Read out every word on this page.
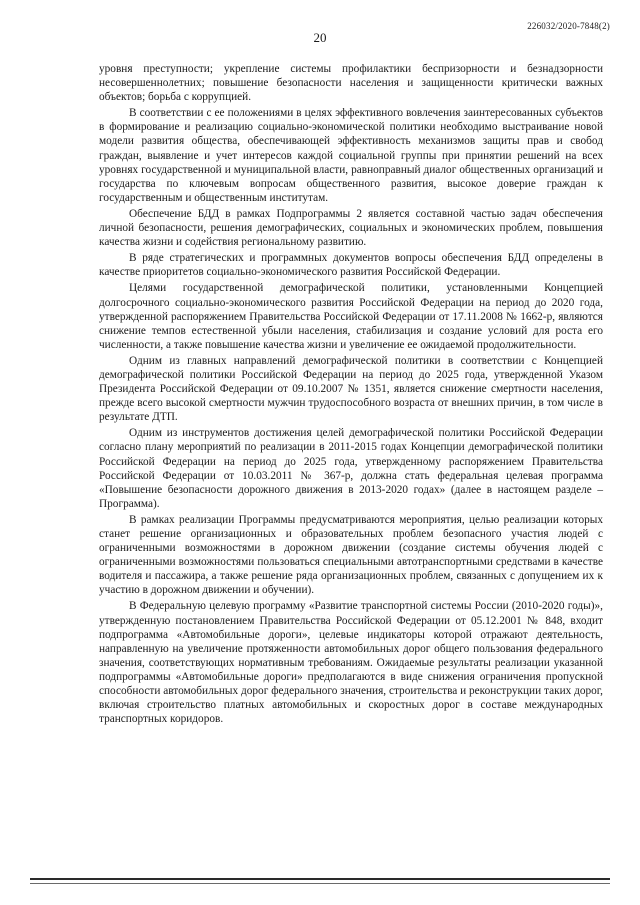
20
226032/2020-7848(2)

уровня преступности; укрепление системы профилактики беспризорности и безнадзорности несовершеннолетних; повышение безопасности населения и защищенности критически важных объектов; борьба с коррупцией.

В соответствии с ее положениями в целях эффективного вовлечения заинтересованных субъектов в формирование и реализацию социально-экономической политики необходимо выстраивание новой модели развития общества, обеспечивающей эффективность механизмов защиты прав и свобод граждан, выявление и учет интересов каждой социальной группы при принятии решений на всех уровнях государственной и муниципальной власти, равноправный диалог общественных организаций и государства по ключевым вопросам общественного развития, высокое доверие граждан к государственным и общественным институтам.

Обеспечение БДД в рамках Подпрограммы 2 является составной частью задач обеспечения личной безопасности, решения демографических, социальных и экономических проблем, повышения качества жизни и содействия региональному развитию.

В ряде стратегических и программных документов вопросы обеспечения БДД определены в качестве приоритетов социально-экономического развития Российской Федерации.

Целями государственной демографической политики, установленными Концепцией долгосрочного социально-экономического развития Российской Федерации на период до 2020 года, утвержденной распоряжением Правительства Российской Федерации от 17.11.2008 № 1662-р, являются снижение темпов естественной убыли населения, стабилизация и создание условий для роста его численности, а также повышение качества жизни и увеличение ее ожидаемой продолжительности.

Одним из главных направлений демографической политики в соответствии с Концепцией демографической политики Российской Федерации на период до 2025 года, утвержденной Указом Президента Российской Федерации от 09.10.2007 № 1351, является снижение смертности населения, прежде всего высокой смертности мужчин трудоспособного возраста от внешних причин, в том числе в результате ДТП.

Одним из инструментов достижения целей демографической политики Российской Федерации согласно плану мероприятий по реализации в 2011-2015 годах Концепции демографической политики Российской Федерации на период до 2025 года, утвержденному распоряжением Правительства Российской Федерации от 10.03.2011 № 367-р, должна стать федеральная целевая программа «Повышение безопасности дорожного движения в 2013-2020 годах» (далее в настоящем разделе – Программа).

В рамках реализации Программы предусматриваются мероприятия, целью реализации которых станет решение организационных и образовательных проблем безопасного участия людей с ограниченными возможностями в дорожном движении (создание системы обучения людей с ограниченными возможностями пользоваться специальными автотранспортными средствами в качестве водителя и пассажира, а также решение ряда организационных проблем, связанных с допущением их к участию в дорожном движении и обучении).

В Федеральную целевую программу «Развитие транспортной системы России (2010-2020 годы)», утвержденную постановлением Правительства Российской Федерации от 05.12.2001 № 848, входит подпрограмма «Автомобильные дороги», целевые индикаторы которой отражают деятельность, направленную на увеличение протяженности автомобильных дорог общего пользования федерального значения, соответствующих нормативным требованиям. Ожидаемые результаты реализации указанной подпрограммы «Автомобильные дороги» предполагаются в виде снижения ограничения пропускной способности автомобильных дорог федерального значения, строительства и реконструкции таких дорог, включая строительство платных автомобильных и скоростных дорог в составе международных транспортных коридоров.
